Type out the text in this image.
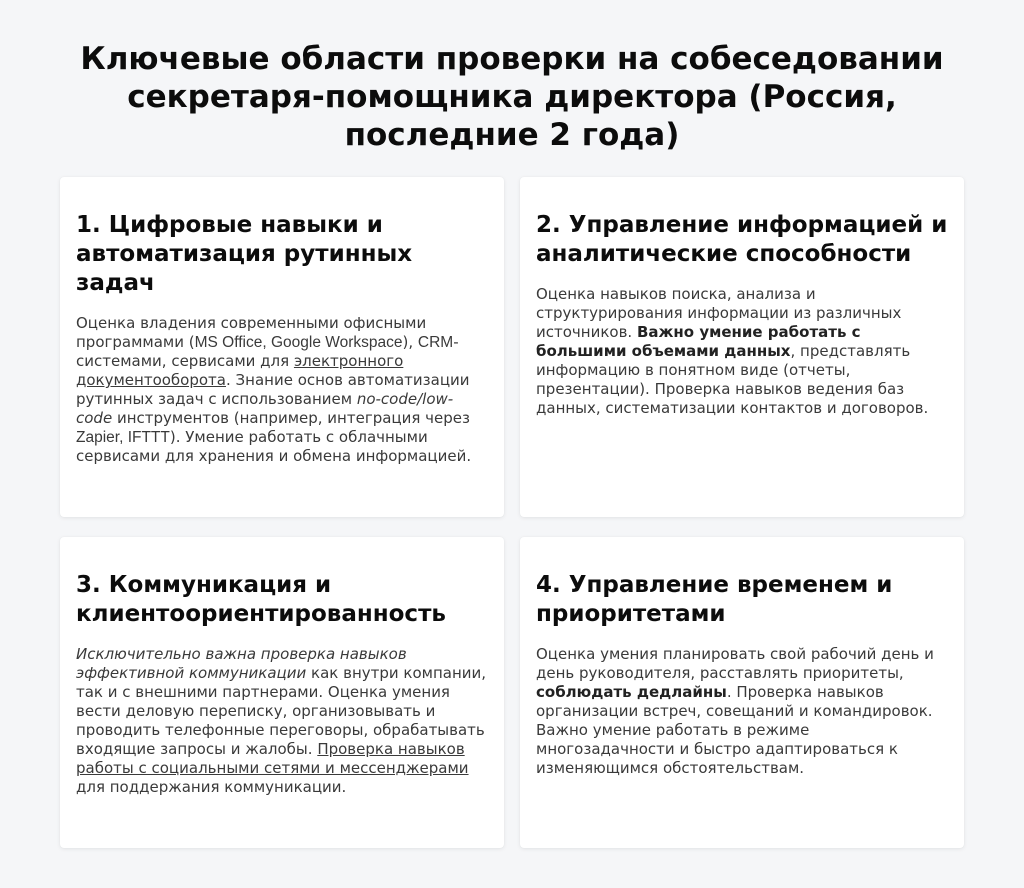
Ключевые области проверки на собеседовании секретаря-помощника директора (Россия, последние 2 года)
1. Цифровые навыки и автоматизация рутинных задач

Оценка владения современными офисными программами (MS Office, Google Workspace), CRM-системами, сервисами для электронного документооборота. Знание основ автоматизации рутинных задач с использованием no-code/low-code инструментов (например, интеграция через Zapier, IFTTT). Умение работать с облачными сервисами для хранения и обмена информацией.

2. Управление информацией и аналитические способности

Оценка навыков поиска, анализа и структурирования информации из различных источников. Важно умение работать с большими объемами данных, представлять информацию в понятном виде (отчеты, презентации). Проверка навыков ведения баз данных, систематизации контактов и договоров.

3. Коммуникация и клиентоориентированность

Исключительно важна проверка навыков эффективной коммуникации как внутри компании, так и с внешними партнерами. Оценка умения вести деловую переписку, организовывать и проводить телефонные переговоры, обрабатывать входящие запросы и жалобы. Проверка навыков работы с социальными сетями и мессенджерами для поддержания коммуникации.

4. Управление временем и приоритетами

Оценка умения планировать свой рабочий день и день руководителя, расставлять приоритеты, соблюдать дедлайны. Проверка навыков организации встреч, совещаний и командировок. Важно умение работать в режиме многозадачности и быстро адаптироваться к изменяющимся обстоятельствам.
